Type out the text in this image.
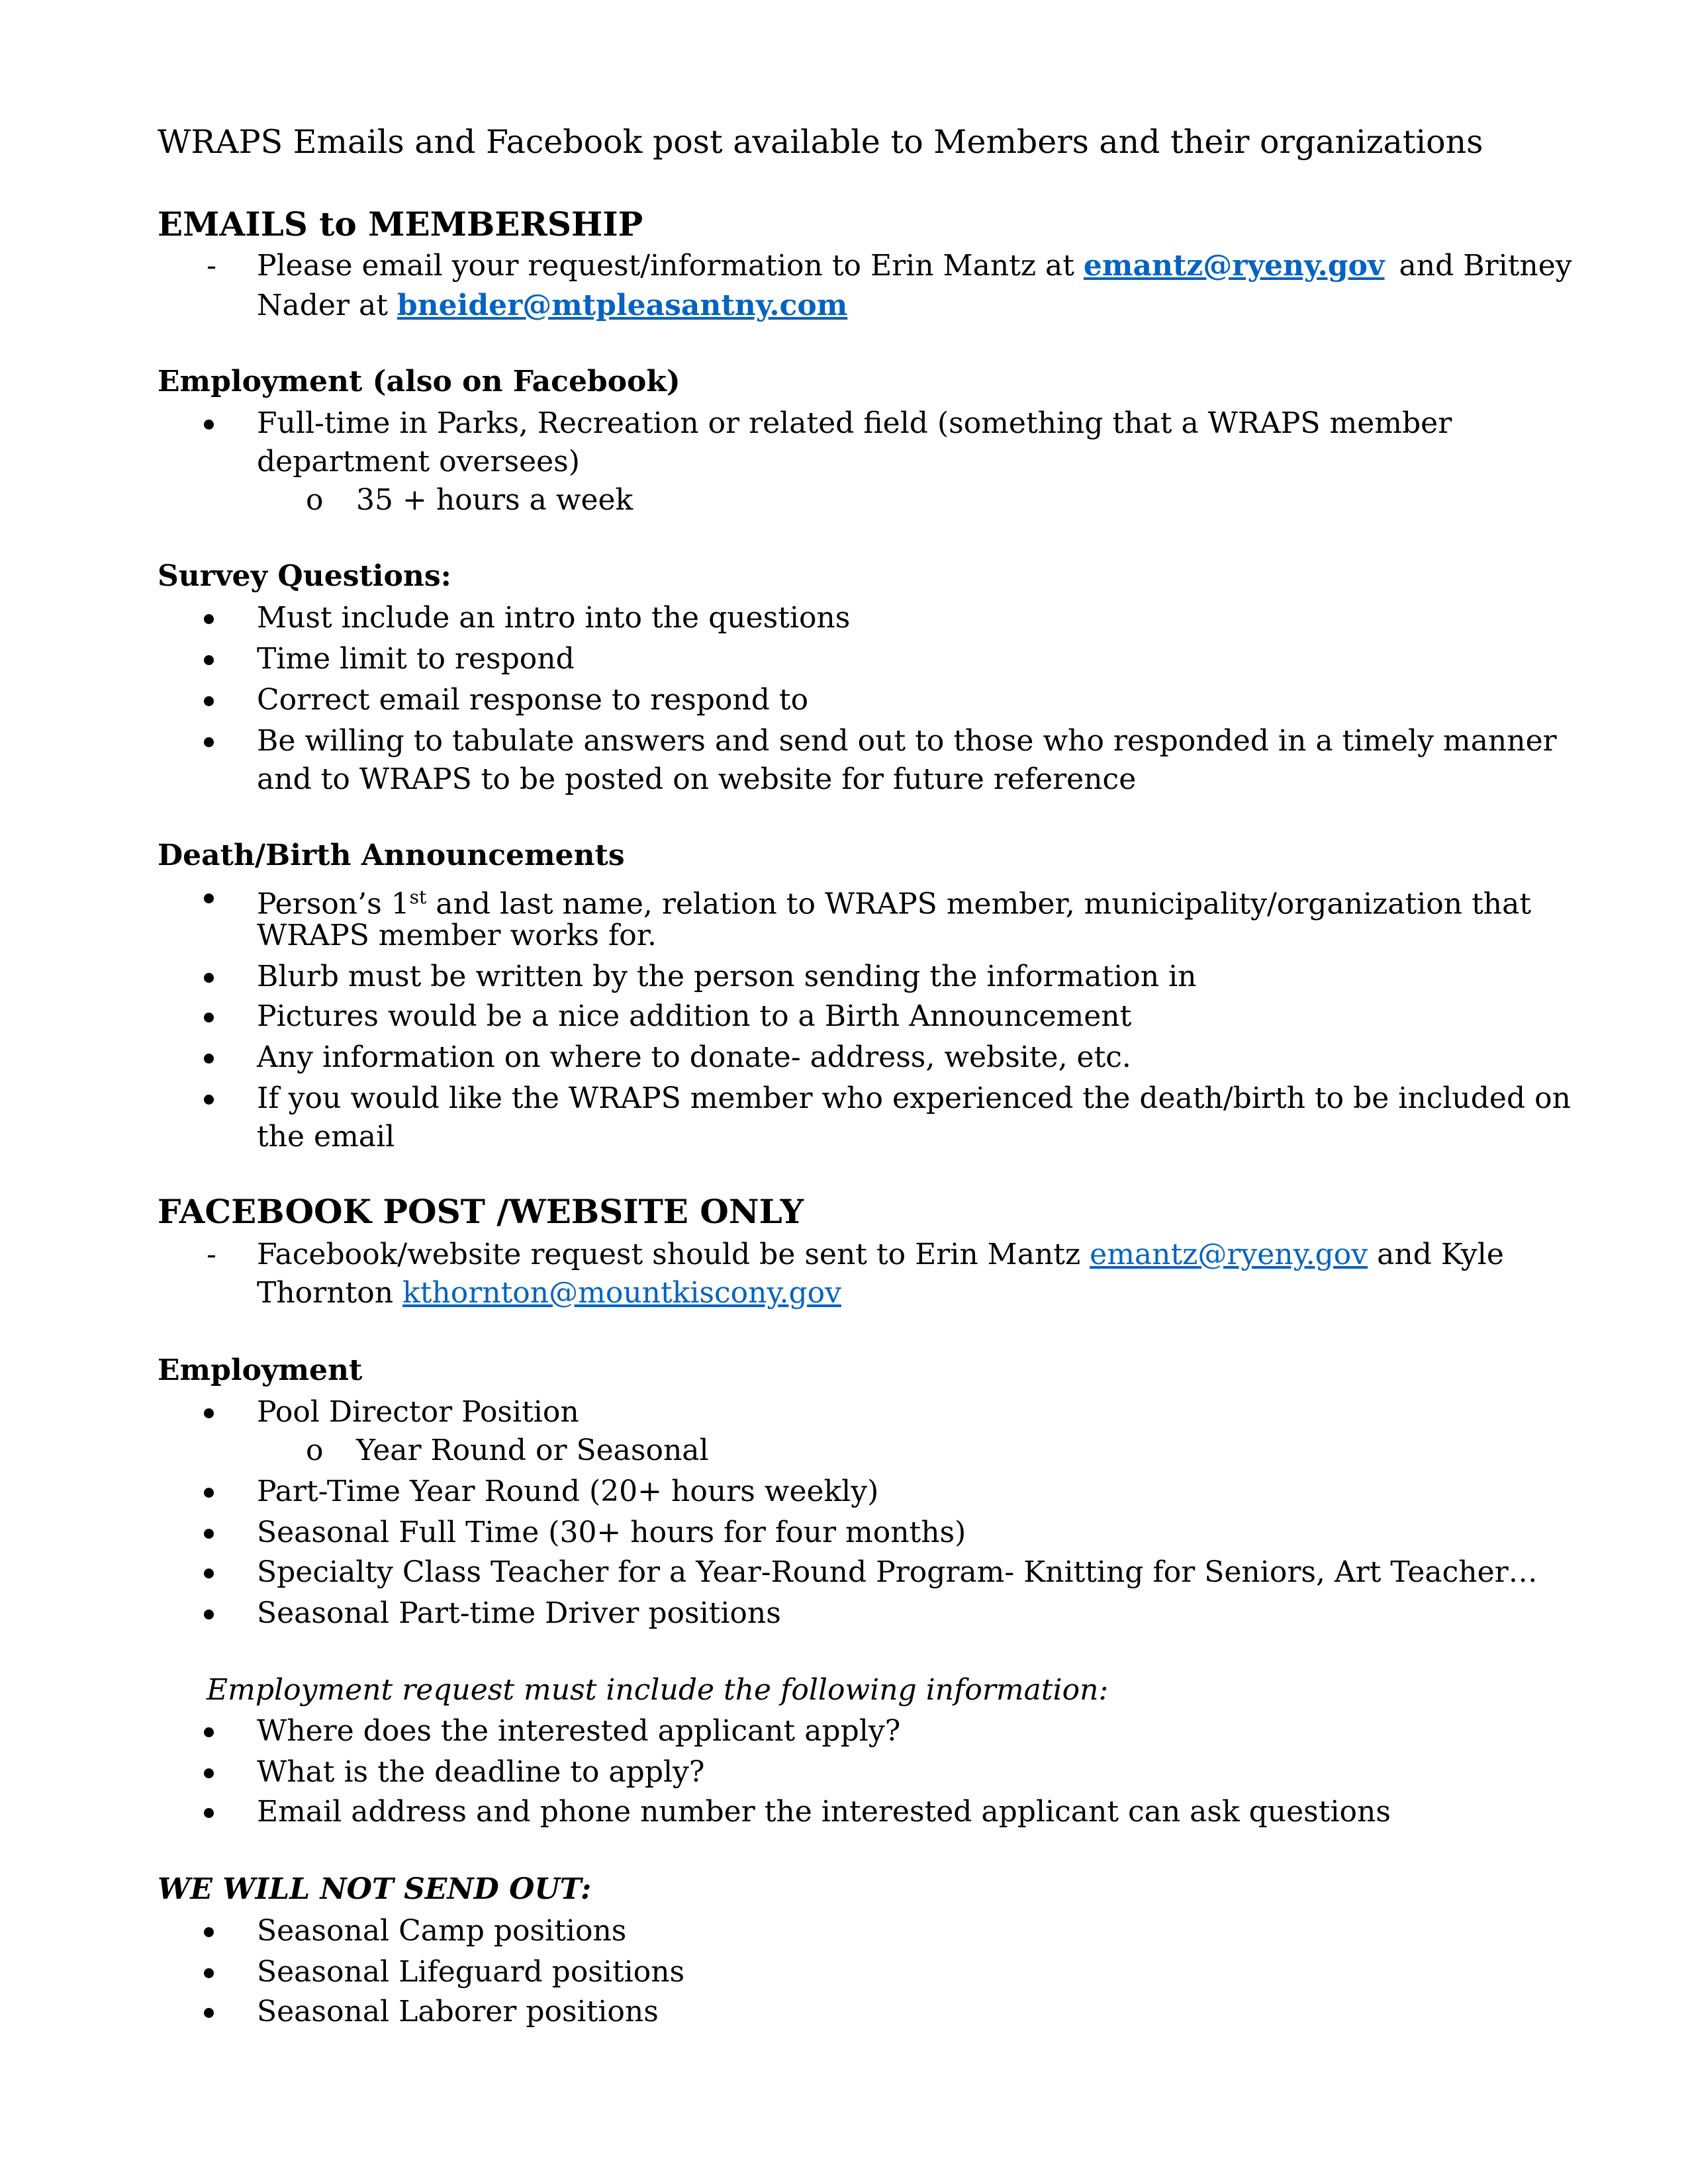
WRAPS Emails and Facebook post available to Members and their organizations
EMAILS to MEMBERSHIP
- Please email your request/information to Erin Mantz at emantz@ryeny.gov and Britney
Nader at bneider@mtpleasantny.com
Employment (also on Facebook)
Full-time in Parks, Recreation or related field (something that a WRAPS member
department oversees)
o 35 + hours a week
Survey Questions:
Must include an intro into the questions
Time limit to respond
Correct email response to respond to
Be willing to tabulate answers and send out to those who responded in a timely manner
and to WRAPS to be posted on website for future reference
Death/Birth Announcements
Person’s 1st and last name, relation to WRAPS member, municipality/organization that
WRAPS member works for.
Blurb must be written by the person sending the information in
Pictures would be a nice addition to a Birth Announcement
Any information on where to donate- address, website, etc.
If you would like the WRAPS member who experienced the death/birth to be included on
the email
FACEBOOK POST /WEBSITE ONLY
- Facebook/website request should be sent to Erin Mantz emantz@ryeny.gov and Kyle
Thornton kthornton@mountkiscony.gov
Employment
Pool Director Position
o Year Round or Seasonal
Part-Time Year Round (20+ hours weekly)
Seasonal Full Time (30+ hours for four months)
Specialty Class Teacher for a Year-Round Program- Knitting for Seniors, Art Teacher…
Seasonal Part-time Driver positions
Employment request must include the following information:
Where does the interested applicant apply?
What is the deadline to apply?
Email address and phone number the interested applicant can ask questions
WE WILL NOT SEND OUT:
Seasonal Camp positions
Seasonal Lifeguard positions
Seasonal Laborer positions
